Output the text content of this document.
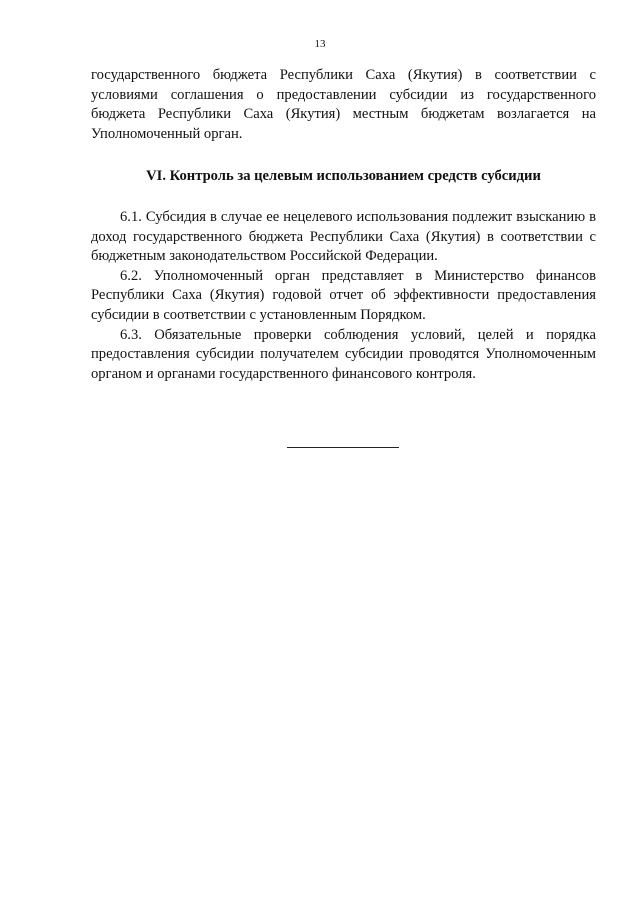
13

государственного бюджета Республики Саха (Якутия) в соответствии с условиями соглашения о предоставлении субсидии из государственного бюджета Республики Саха (Якутия) местным бюджетам возлагается на Уполномоченный орган.

VI. Контроль за целевым использованием средств субсидии

6.1. Субсидия в случае ее нецелевого использования подлежит взысканию в доход государственного бюджета Республики Саха (Якутия) в соответствии с бюджетным законодательством Российской Федерации.

6.2. Уполномоченный орган представляет в Министерство финансов Республики Саха (Якутия) годовой отчет об эффективности предоставления субсидии в соответствии с установленным Порядком.

6.3. Обязательные проверки соблюдения условий, целей и порядка предоставления субсидии получателем субсидии проводятся Уполномоченным органом и органами государственного финансового контроля.
